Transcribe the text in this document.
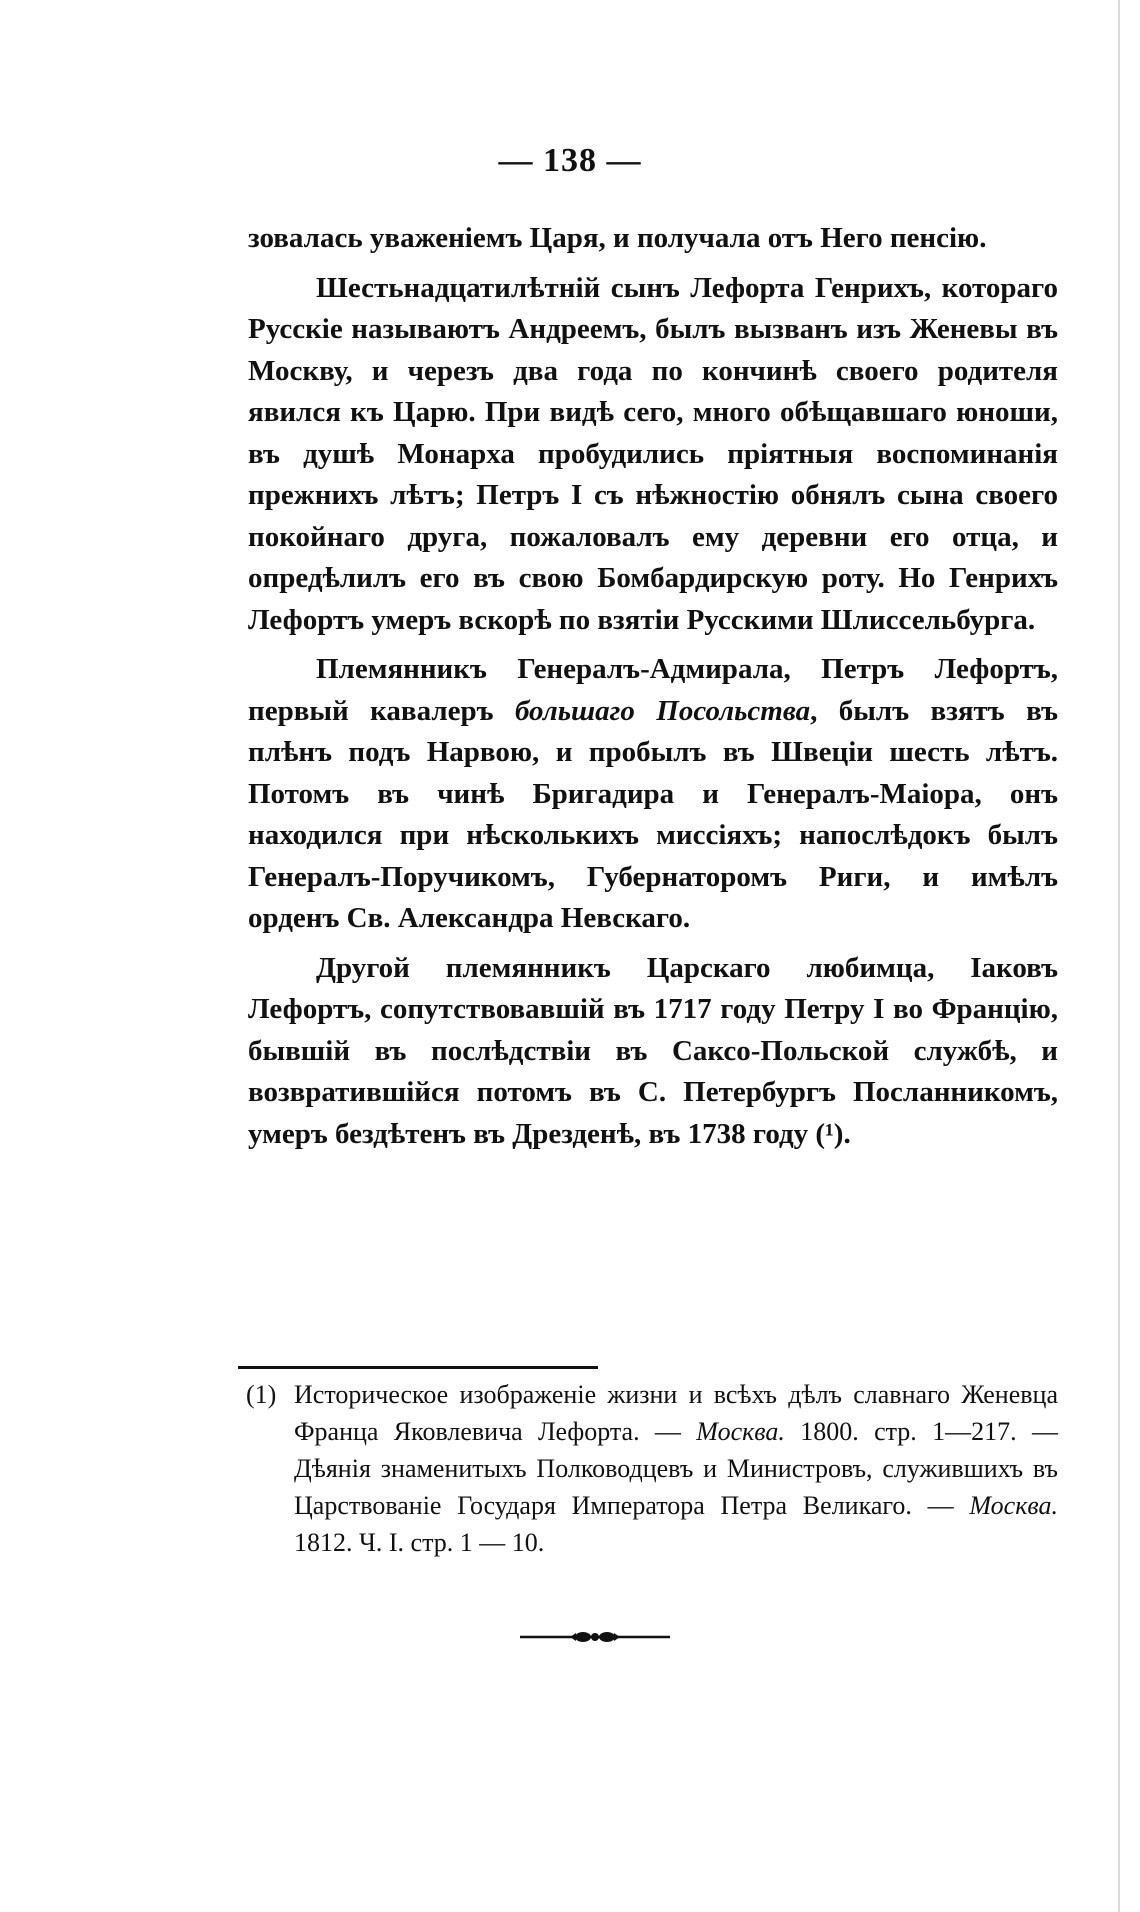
— 138 —

зовалась уваженіемъ Царя, и получала отъ Него пенсію.

Шестьнадцатилѣтній сынъ Лефорта Генрихъ, котораго Русскіе называютъ Андреемъ, былъ вызванъ изъ Женевы въ Москву, и черезъ два года по кончинѣ своего родителя явился къ Царю. При видѣ сего, много обѣщавшаго юноши, въ душѣ Монарха пробудились пріятныя воспоминанія прежнихъ лѣтъ; Петръ I съ нѣжностію обнялъ сына своего покойнаго друга, пожаловалъ ему деревни его отца, и опредѣлилъ его въ свою Бомбардирскую роту. Но Генрихъ Лефортъ умеръ вскорѣ по взятіи Русскими Шлиссельбурга.

Племянникъ Генералъ-Адмирала, Петръ Лефортъ, первый кавалеръ большаго Посольства, былъ взятъ въ плѣнъ подъ Нарвою, и пробылъ въ Швеціи шесть лѣтъ. Потомъ въ чинѣ Бригадира и Генералъ-Маіора, онъ находился при нѣсколькихъ миссіяхъ; напослѣдокъ былъ Генералъ-Поручикомъ, Губернаторомъ Риги, и имѣлъ орденъ Св. Александра Невскаго.

Другой племянникъ Царскаго любимца, Іаковъ Лефортъ, сопутствовавшій въ 1717 году Петру I во Францію, бывшій въ послѣдствіи въ Саксо-Польской службѣ, и возвратившійся потомъ въ С. Петербургъ Посланникомъ, умеръ бездѣтенъ въ Дрезденѣ, въ 1738 году (¹).

(1) Историческое изображеніе жизни и всѣхъ дѣлъ славнаго Женевца Франца Яковлевича Лефорта. — Москва. 1800. стр. 1—217. — Дѣянія знаменитыхъ Полководцевъ и Министровъ, служившихъ въ Царствованіе Государя Императора Петра Великаго. — Москва. 1812. Ч. I. стр. 1 — 10.
